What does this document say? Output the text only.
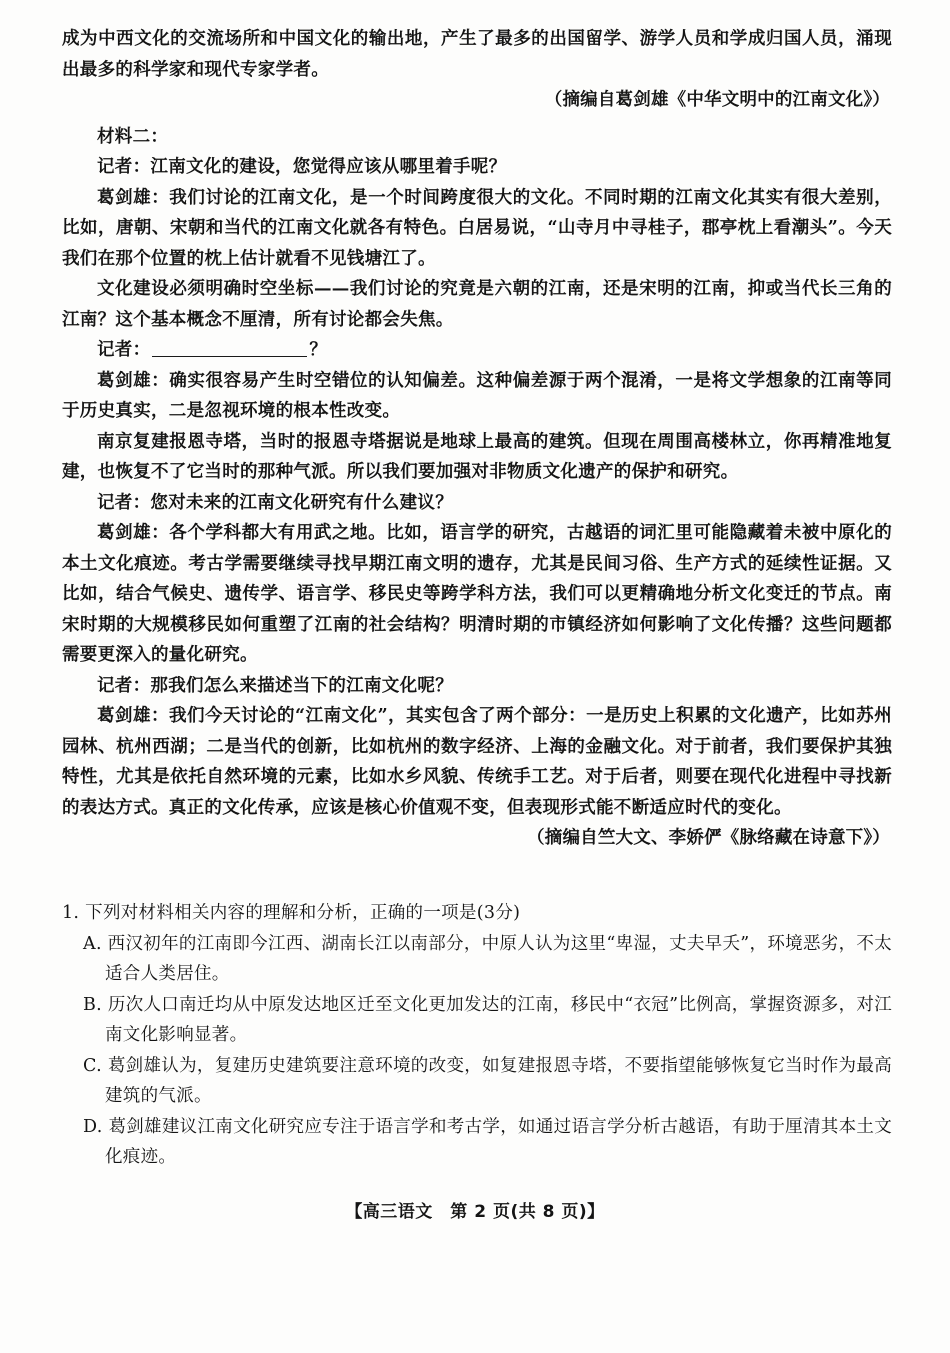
成为中西文化的交流场所和中国文化的输出地，产生了最多的出国留学、游学人员和学成归国人员，涌现出最多的科学家和现代专家学者。

（摘编自葛剑雄《中华文明中的江南文化》）

材料二：

记者：江南文化的建设，您觉得应该从哪里着手呢？

葛剑雄：我们讨论的江南文化，是一个时间跨度很大的文化。不同时期的江南文化其实有很大差别，比如，唐朝、宋朝和当代的江南文化就各有特色。白居易说，“山寺月中寻桂子，郡亭枕上看潮头”。今天我们在那个位置的枕上估计就看不见钱塘江了。

文化建设必须明确时空坐标——我们讨论的究竟是六朝的江南，还是宋明的江南，抑或当代长三角的江南？这个基本概念不厘清，所有讨论都会失焦。

记者：	？

葛剑雄：确实很容易产生时空错位的认知偏差。这种偏差源于两个混淆，一是将文学想象的江南等同于历史真实，二是忽视环境的根本性改变。

南京复建报恩寺塔，当时的报恩寺塔据说是地球上最高的建筑。但现在周围高楼林立，你再精准地复建，也恢复不了它当时的那种气派。所以我们要加强对非物质文化遗产的保护和研究。

记者：您对未来的江南文化研究有什么建议？

葛剑雄：各个学科都大有用武之地。比如，语言学的研究，古越语的词汇里可能隐藏着未被中原化的本土文化痕迹。考古学需要继续寻找早期江南文明的遗存，尤其是民间习俗、生产方式的延续性证据。又比如，结合气候史、遗传学、语言学、移民史等跨学科方法，我们可以更精确地分析文化变迁的节点。南宋时期的大规模移民如何重塑了江南的社会结构？明清时期的市镇经济如何影响了文化传播？这些问题都需要更深入的量化研究。

记者：那我们怎么来描述当下的江南文化呢？

葛剑雄：我们今天讨论的“江南文化”，其实包含了两个部分：一是历史上积累的文化遗产，比如苏州园林、杭州西湖；二是当代的创新，比如杭州的数字经济、上海的金融文化。对于前者，我们要保护其独特性，尤其是依托自然环境的元素，比如水乡风貌、传统手工艺。对于后者，则要在现代化进程中寻找新的表达方式。真正的文化传承，应该是核心价值观不变，但表现形式能不断适应时代的变化。

（摘编自竺大文、李娇俨《脉络藏在诗意下》）

1. 下列对材料相关内容的理解和分析，正确的一项是(3分)

A. 西汉初年的江南即今江西、湖南长江以南部分，中原人认为这里“卑湿，丈夫早夭”，环境恶劣，不太适合人类居住。

B. 历次人口南迁均从中原发达地区迁至文化更加发达的江南，移民中“衣冠”比例高，掌握资源多，对江南文化影响显著。

C. 葛剑雄认为，复建历史建筑要注意环境的改变，如复建报恩寺塔，不要指望能够恢复它当时作为最高建筑的气派。

D. 葛剑雄建议江南文化研究应专注于语言学和考古学，如通过语言学分析古越语，有助于厘清其本土文化痕迹。

【高三语文　第 2 页(共 8 页)】
